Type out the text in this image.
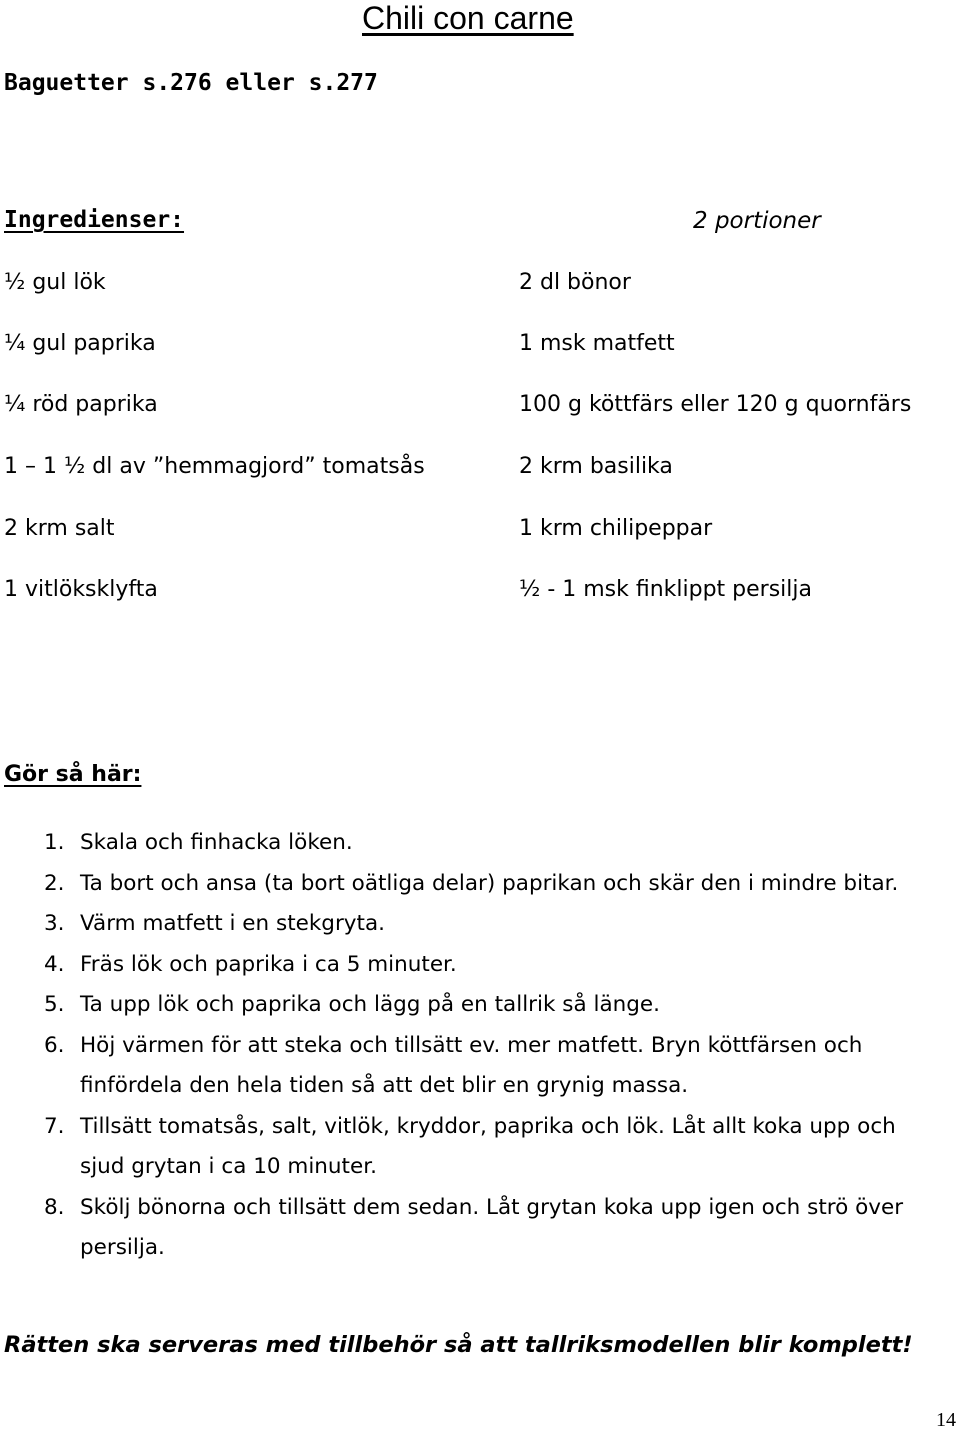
Chili con carne
Baguetter s.276 eller s.277
Ingredienser:	2 portioner
½ gul lök
¼ gul paprika
¼ röd paprika
1 – 1 ½ dl av ”hemmagjord” tomatsås
2 krm salt
1 vitlöksklyfta
2 dl bönor
1 msk matfett
100 g köttfärs eller 120 g quornfärs
2 krm basilika
1 krm chilipeppar
½ - 1 msk finklippt persilja
Gör så här:
1. Skala och finhacka löken.
2. Ta bort och ansa (ta bort oätliga delar) paprikan och skär den i mindre bitar.
3. Värm matfett i en stekgryta.
4. Fräs lök och paprika i ca 5 minuter.
5. Ta upp lök och paprika och lägg på en tallrik så länge.
6. Höj värmen för att steka och tillsätt ev. mer matfett. Bryn köttfärsen och finfördela den hela tiden så att det blir en grynig massa.
7. Tillsätt tomatsås, salt, vitlök, kryddor, paprika och lök. Låt allt koka upp och sjud grytan i ca 10 minuter.
8. Skölj bönorna och tillsätt dem sedan. Låt grytan koka upp igen och strö över persilja.
Rätten ska serveras med tillbehör så att tallriksmodellen blir komplett!
14
